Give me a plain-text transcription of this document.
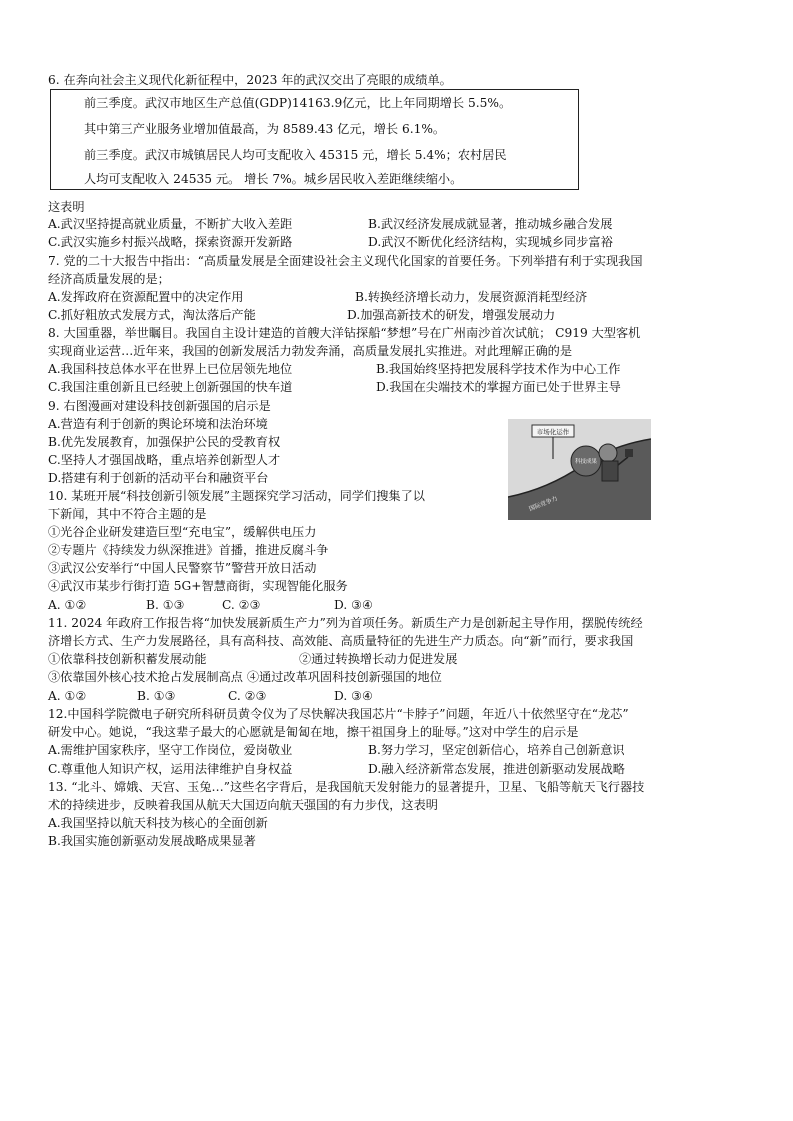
6. 在奔向社会主义现代化新征程中，2023 年的武汉交出了亮眼的成绩单。
前三季度。武汉市地区生产总值(GDP)14163.9亿元，比上年同期增长 5.5%。
其中第三产业服务业增加值最高，为 8589.43 亿元，增长 6.1%。
前三季度。武汉市城镇居民人均可支配收入 45315 元，增长 5.4%；农村居民
人均可支配收入 24535 元。 增长 7%。城乡居民收入差距继续缩小。
这表明
A.武汉坚持提高就业质量，不断扩大收入差距	B.武汉经济发展成就显著，推动城乡融合发展
C.武汉实施乡村振兴战略，探索资源开发新路	D.武汉不断优化经济结构，实现城乡同步富裕
7. 党的二十大报告中指出：“高质量发展是全面建设社会主义现代化国家的首要任务。下列举措有利于实现我国
经济高质量发展的是；
A.发挥政府在资源配置中的决定作用	B.转换经济增长动力，发展资源消耗型经济
C.抓好粗放式发展方式，淘汰落后产能	D.加强高新技术的研发，增强发展动力
8. 大国重器，举世瞩目。我国自主设计建造的首艘大洋钻探船“梦想”号在广州南沙首次试航； C919 大型客机
实现商业运营…近年来，我国的创新发展活力勃发奔涌，高质量发展扎实推进。对此理解正确的是
A.我国科技总体水平在世界上已位居领先地位	B.我国始终坚持把发展科学技术作为中心工作
C.我国注重创新且已经驶上创新强国的快车道	D.我国在尖端技术的掌握方面已处于世界主导
9. 右图漫画对建设科技创新强国的启示是
A.营造有利于创新的舆论环境和法治环境
B.优先发展教育，加强保护公民的受教育权
C.坚持人才强国战略，重点培养创新型人才
D.搭建有利于创新的活动平台和融资平台
市场化运作
科技成果
国际竞争力
10. 某班开展“科技创新引领发展”主题探究学习活动，同学们搜集了以
下新闻，其中不符合主题的是
①光谷企业研发建造巨型“充电宝”，缓解供电压力
②专题片《持续发力纵深推进》首播，推进反腐斗争
③武汉公安举行“中国人民警察节”警营开放日活动
④武汉市某步行街打造 5G+智慧商街，实现智能化服务
A. ①②	B. ①③	C. ②③	D. ③④
11. 2024 年政府工作报告将“加快发展新质生产力”列为首项任务。新质生产力是创新起主导作用，摆脱传统经
济增长方式、生产力发展路径，具有高科技、高效能、高质量特征的先进生产力质态。向“新”而行，要求我国
①依靠科技创新积蓄发展动能	②通过转换增长动力促进发展
③依靠国外核心技术抢占发展制高点 ④通过改革巩固科技创新强国的地位
A. ①②	B. ①③	C. ②③	D. ③④
12.中国科学院微电子研究所科研员黄令仪为了尽快解决我国芯片“卡脖子”问题，年近八十依然坚守在“龙芯”
研发中心。她说，“我这辈子最大的心愿就是匍匐在地，擦干祖国身上的耻辱。”这对中学生的启示是
A.需维护国家秩序，坚守工作岗位，爱岗敬业	B.努力学习，坚定创新信心，培养自己创新意识
C.尊重他人知识产权，运用法律维护自身权益	D.融入经济新常态发展，推进创新驱动发展战略
13. “北斗、嫦娥、天宫、玉兔…”这些名字背后，是我国航天发射能力的显著提升，卫星、飞船等航天飞行器技
术的持续进步，反映着我国从航天大国迈向航天强国的有力步伐，这表明
A.我国坚持以航天科技为核心的全面创新
B.我国实施创新驱动发展战略成果显著
